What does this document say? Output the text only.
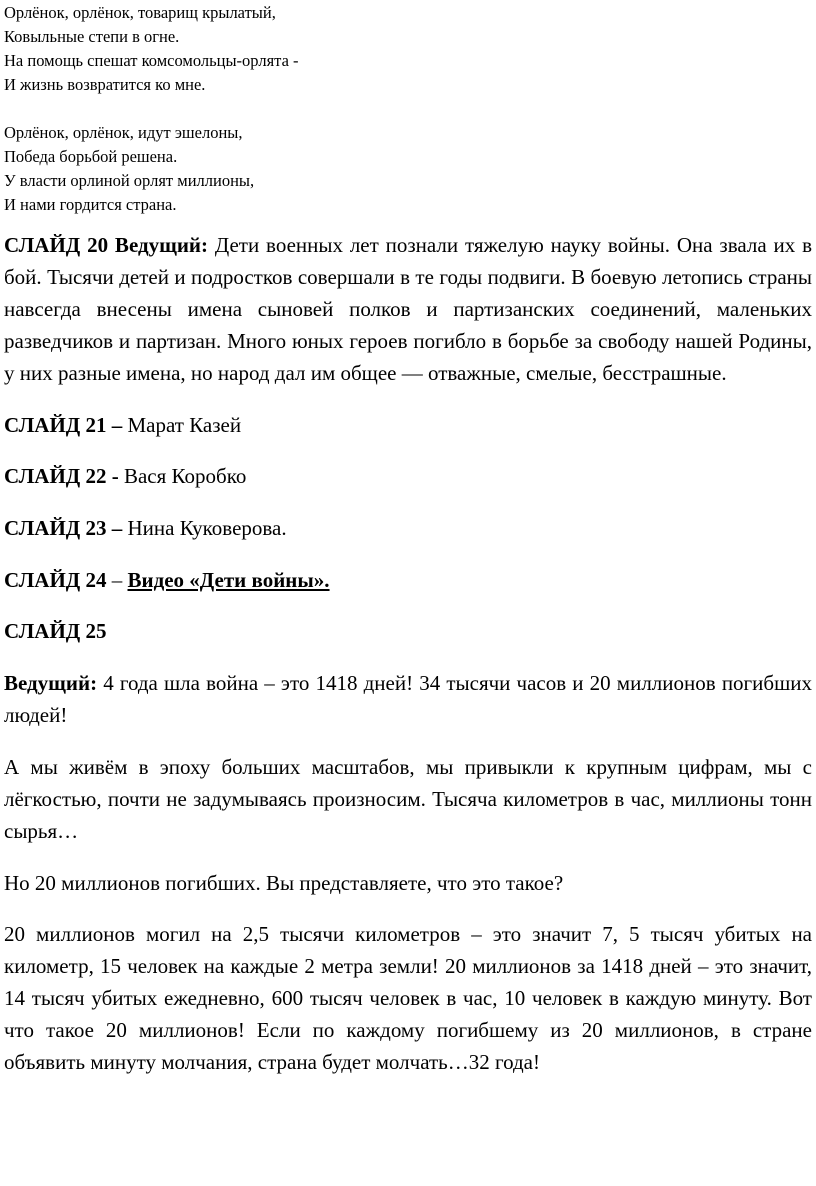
Орлёнок, орлёнок, товарищ крылатый,
Ковыльные степи в огне.
На помощь спешат комсомольцы-орлята -
И жизнь возвратится ко мне.
Орлёнок, орлёнок, идут эшелоны,
Победа борьбой решена.
У власти орлиной орлят миллионы,
И нами гордится страна.

СЛАЙД 20 Ведущий: Дети военных лет познали тяжелую науку войны. Она звала их в бой. Тысячи детей и подростков совершали в те годы подвиги. В боевую летопись страны навсегда внесены имена сыновей полков и партизанских соединений, маленьких разведчиков и партизан. Много юных героев погибло в борьбе за свободу нашей Родины, у них разные имена, но народ дал им общее — отважные, смелые, бесстрашные.

СЛАЙД 21 – Марат Казей

СЛАЙД 22 - Вася Коробко

СЛАЙД 23 – Нина Куковерова.

СЛАЙД 24 – Видео «Дети войны».

СЛАЙД 25

Ведущий: 4 года шла война – это 1418 дней! 34 тысячи часов и 20 миллионов погибших людей!

А мы живём в эпоху больших масштабов, мы привыкли к крупным цифрам, мы с лёгкостью, почти не задумываясь произносим. Тысяча километров в час, миллионы тонн сырья…

Но 20 миллионов погибших. Вы представляете, что это такое?

20 миллионов могил на 2,5 тысячи километров – это значит 7, 5 тысяч убитых на километр, 15 человек на каждые 2 метра земли! 20 миллионов за 1418 дней – это значит, 14 тысяч убитых ежедневно, 600 тысяч человек в час, 10 человек в каждую минуту. Вот что такое 20 миллионов! Если по каждому погибшему из 20 миллионов, в стране объявить минуту молчания, страна будет молчать…32 года!
